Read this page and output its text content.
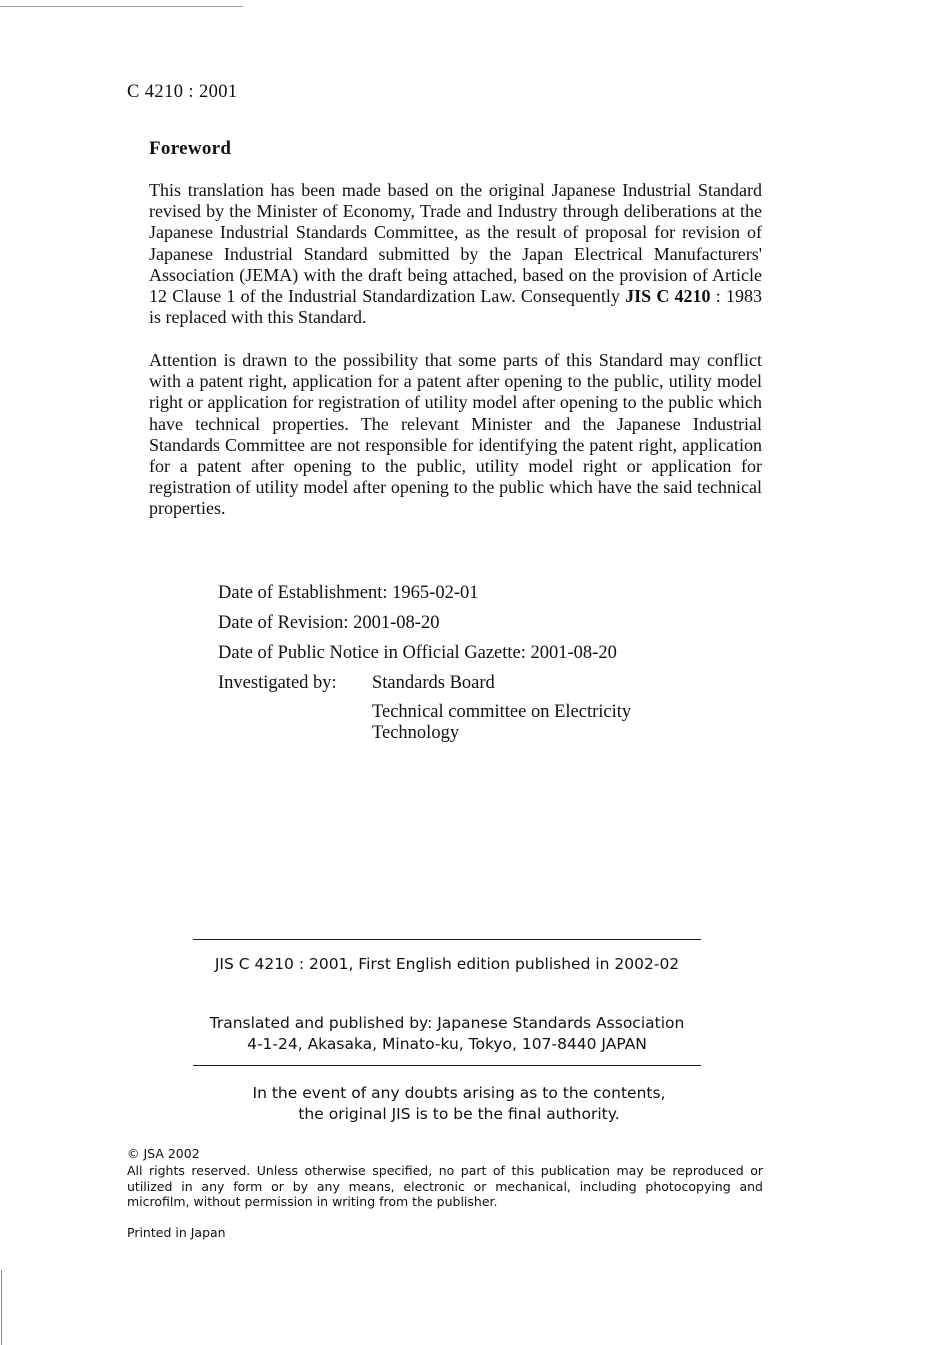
C 4210 : 2001
Foreword
This translation has been made based on the original Japanese Industrial Standard revised by the Minister of Economy, Trade and Industry through deliberations at the Japanese Industrial Standards Committee, as the result of proposal for revision of Japanese Industrial Standard submitted by the Japan Electrical Manufacturers' Association (JEMA) with the draft being attached, based on the provision of Article 12 Clause 1 of the Industrial Standardization Law. Consequently JIS C 4210 : 1983 is replaced with this Standard.
Attention is drawn to the possibility that some parts of this Standard may conflict with a patent right, application for a patent after opening to the public, utility model right or application for registration of utility model after opening to the public which have technical properties. The relevant Minister and the Japanese Industrial Standards Committee are not responsible for identifying the patent right, application for a patent after opening to the public, utility model right or application for registration of utility model after opening to the public which have the said technical properties.
Date of Establishment: 1965-02-01
Date of Revision: 2001-08-20
Date of Public Notice in Official Gazette: 2001-08-20
Investigated by:	Standards Board
Technical committee on Electricity Technology
JIS C 4210 : 2001, First English edition published in 2002-02
Translated and published by: Japanese Standards Association
4-1-24, Akasaka, Minato-ku, Tokyo, 107-8440 JAPAN
In the event of any doubts arising as to the contents,
the original JIS is to be the final authority.
© JSA 2002
All rights reserved. Unless otherwise specified, no part of this publication may be reproduced or utilized in any form or by any means, electronic or mechanical, including photocopying and microfilm, without permission in writing from the publisher.
Printed in Japan
